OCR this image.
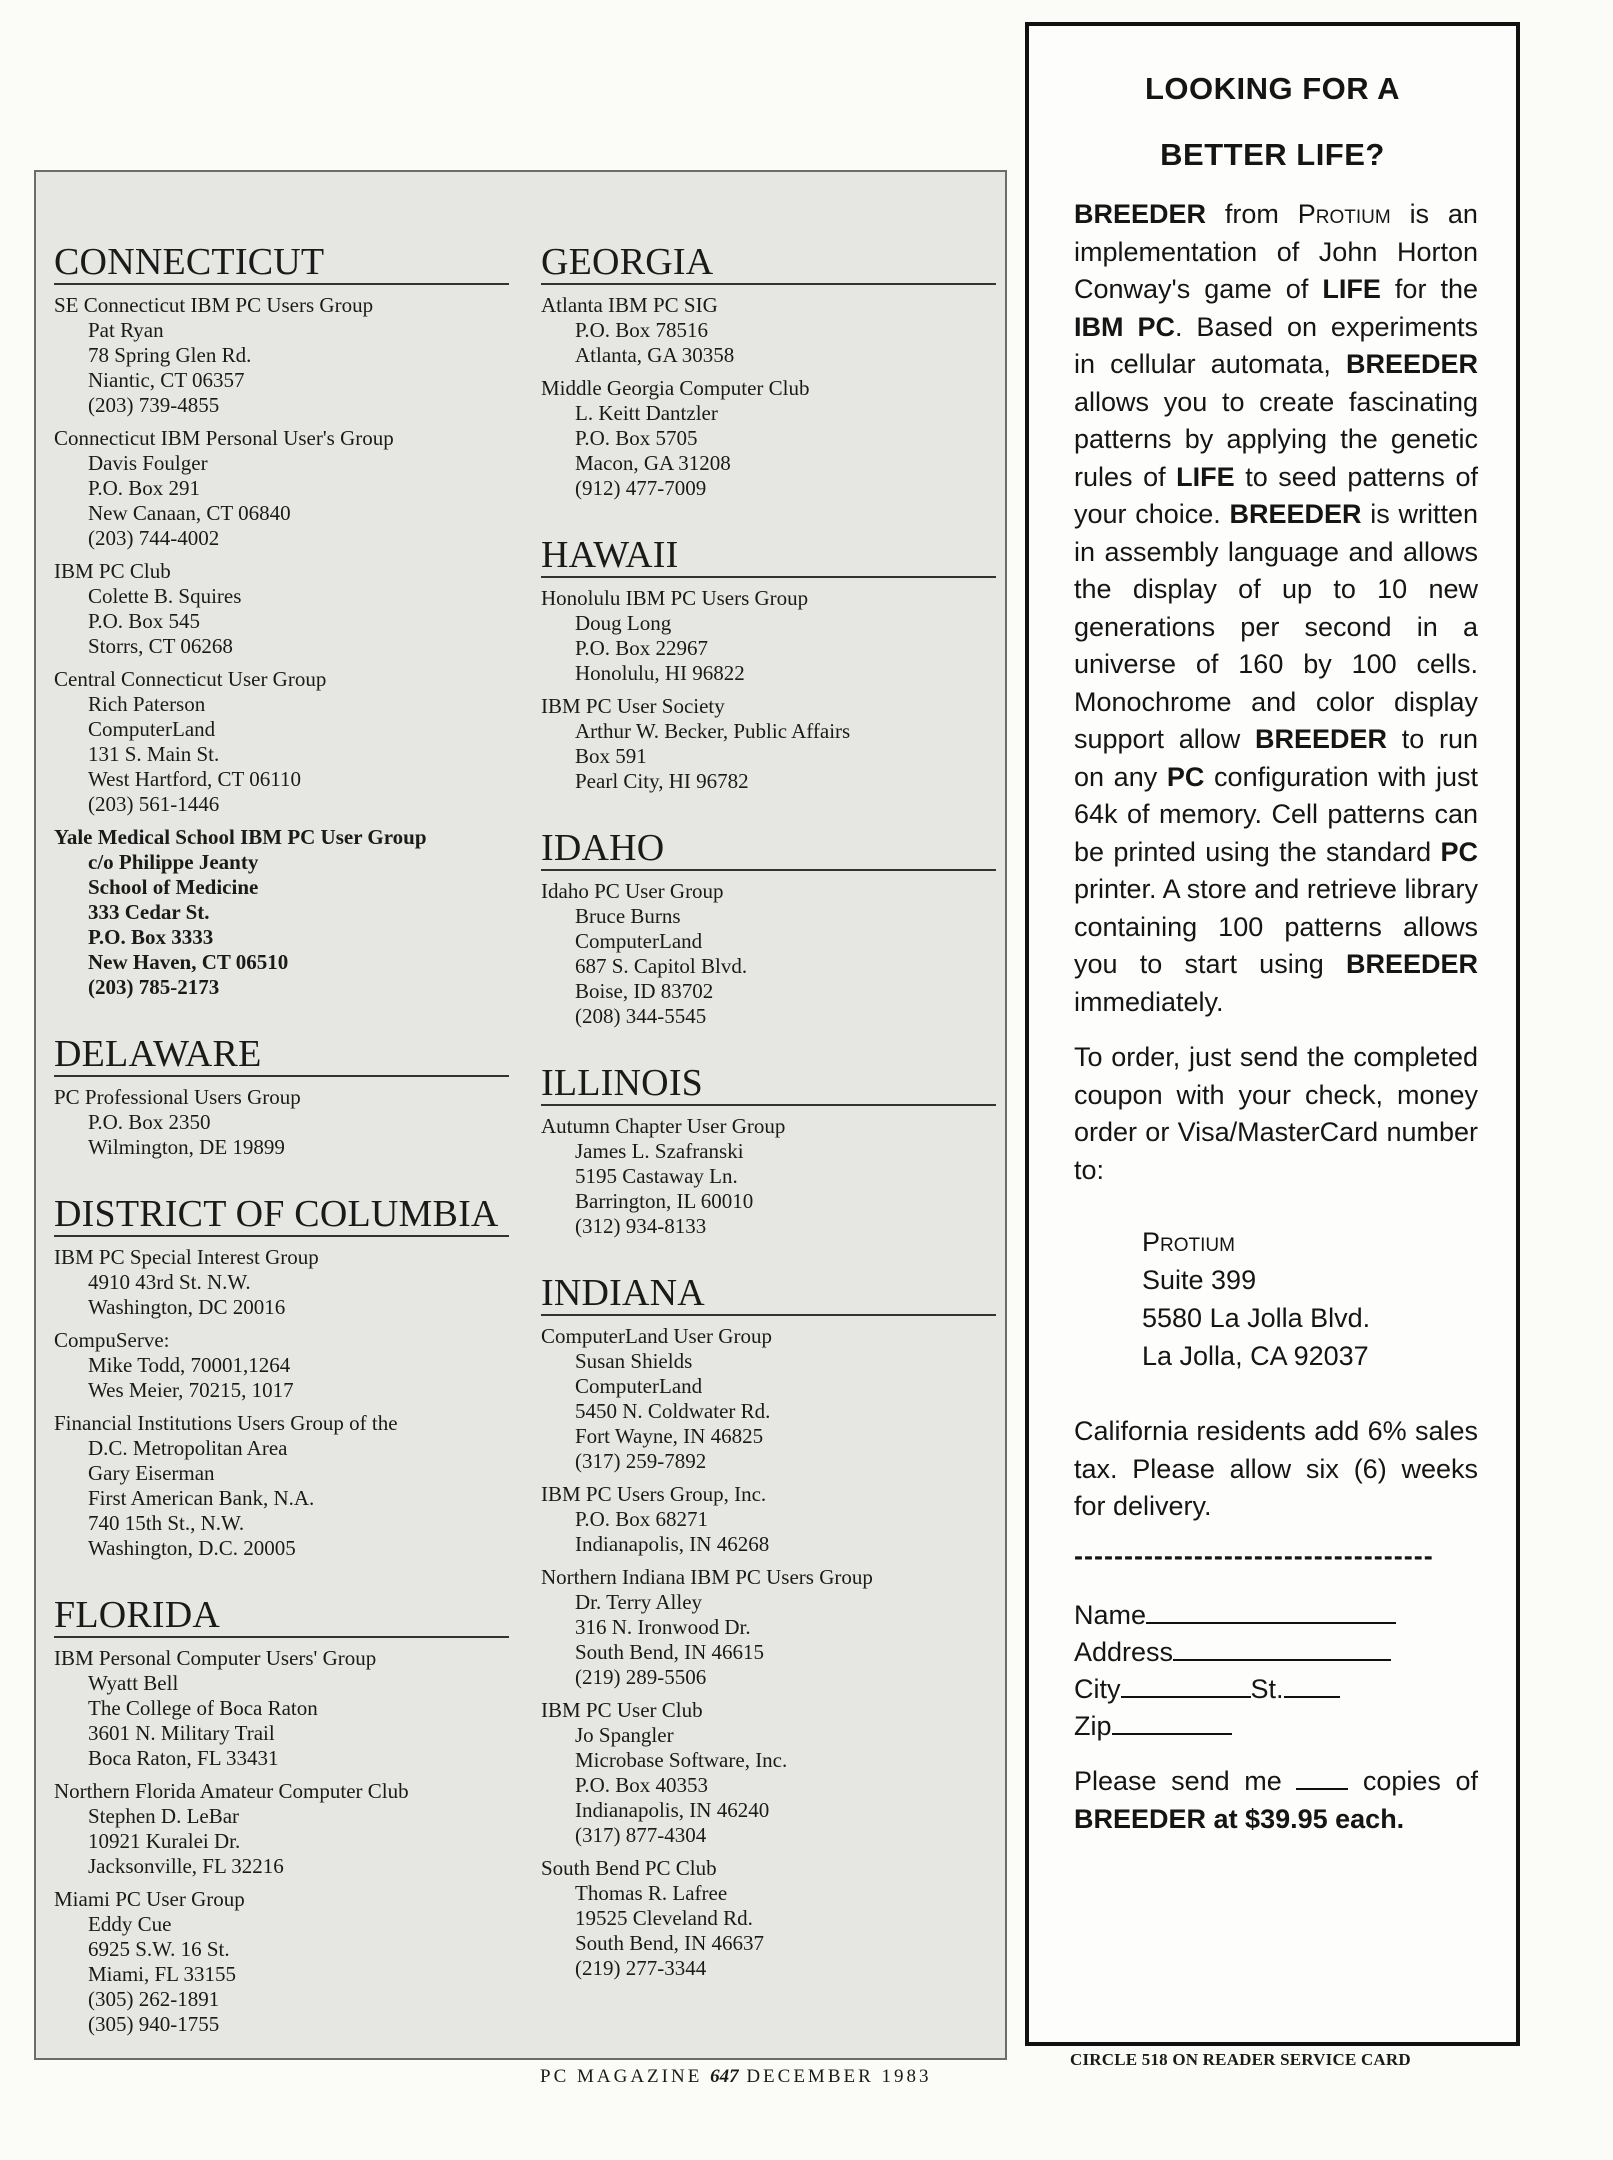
CONNECTICUT
SE Connecticut IBM PC Users Group
Pat Ryan
78 Spring Glen Rd.
Niantic, CT 06357
(203) 739-4855
Connecticut IBM Personal User's Group
Davis Foulger
P.O. Box 291
New Canaan, CT 06840
(203) 744-4002
IBM PC Club
Colette B. Squires
P.O. Box 545
Storrs, CT 06268
Central Connecticut User Group
Rich Paterson
ComputerLand
131 S. Main St.
West Hartford, CT 06110
(203) 561-1446
Yale Medical School IBM PC User Group
c/o Philippe Jeanty
School of Medicine
333 Cedar St.
P.O. Box 3333
New Haven, CT 06510
(203) 785-2173
DELAWARE
PC Professional Users Group
P.O. Box 2350
Wilmington, DE 19899
DISTRICT OF COLUMBIA
IBM PC Special Interest Group
4910 43rd St. N.W.
Washington, DC 20016
CompuServe:
Mike Todd, 70001,1264
Wes Meier, 70215, 1017
Financial Institutions Users Group of the
D.C. Metropolitan Area
Gary Eiserman
First American Bank, N.A.
740 15th St., N.W.
Washington, D.C. 20005
FLORIDA
IBM Personal Computer Users' Group
Wyatt Bell
The College of Boca Raton
3601 N. Military Trail
Boca Raton, FL 33431
Northern Florida Amateur Computer Club
Stephen D. LeBar
10921 Kuralei Dr.
Jacksonville, FL 32216
Miami PC User Group
Eddy Cue
6925 S.W. 16 St.
Miami, FL 33155
(305) 262-1891
(305) 940-1755
GEORGIA
Atlanta IBM PC SIG
P.O. Box 78516
Atlanta, GA 30358
Middle Georgia Computer Club
L. Keitt Dantzler
P.O. Box 5705
Macon, GA 31208
(912) 477-7009
HAWAII
Honolulu IBM PC Users Group
Doug Long
P.O. Box 22967
Honolulu, HI 96822
IBM PC User Society
Arthur W. Becker, Public Affairs
Box 591
Pearl City, HI 96782
IDAHO
Idaho PC User Group
Bruce Burns
ComputerLand
687 S. Capitol Blvd.
Boise, ID 83702
(208) 344-5545
ILLINOIS
Autumn Chapter User Group
James L. Szafranski
5195 Castaway Ln.
Barrington, IL 60010
(312) 934-8133
INDIANA
ComputerLand User Group
Susan Shields
ComputerLand
5450 N. Coldwater Rd.
Fort Wayne, IN 46825
(317) 259-7892
IBM PC Users Group, Inc.
P.O. Box 68271
Indianapolis, IN 46268
Northern Indiana IBM PC Users Group
Dr. Terry Alley
316 N. Ironwood Dr.
South Bend, IN 46615
(219) 289-5506
IBM PC User Club
Jo Spangler
Microbase Software, Inc.
P.O. Box 40353
Indianapolis, IN 46240
(317) 877-4304
South Bend PC Club
Thomas R. Lafree
19525 Cleveland Rd.
South Bend, IN 46637
(219) 277-3344
PC MAGAZINE 647 DECEMBER 1983
LOOKING FOR A
BETTER LIFE?

BREEDER from Protium is an implementation of John Horton Conway's game of LIFE for the IBM PC. Based on experiments in cellular automata, BREEDER allows you to create fascinating patterns by applying the genetic rules of LIFE to seed patterns of your choice. BREEDER is written in assembly language and allows the display of up to 10 new generations per second in a universe of 160 by 100 cells. Monochrome and color display support allow BREEDER to run on any PC configuration with just 64k of memory. Cell patterns can be printed using the standard PC printer. A store and retrieve library containing 100 patterns allows you to start using BREEDER immediately.

To order, just send the completed coupon with your check, money order or Visa/MasterCard number to:

Protium
Suite 399
5580 La Jolla Blvd.
La Jolla, CA 92037

California residents add 6% sales tax. Please allow six (6) weeks for delivery.

------------------------------------
Name
Address
City	St.
Zip

Please send me	copies of BREEDER at $39.95 each.

CIRCLE 518 ON READER SERVICE CARD
